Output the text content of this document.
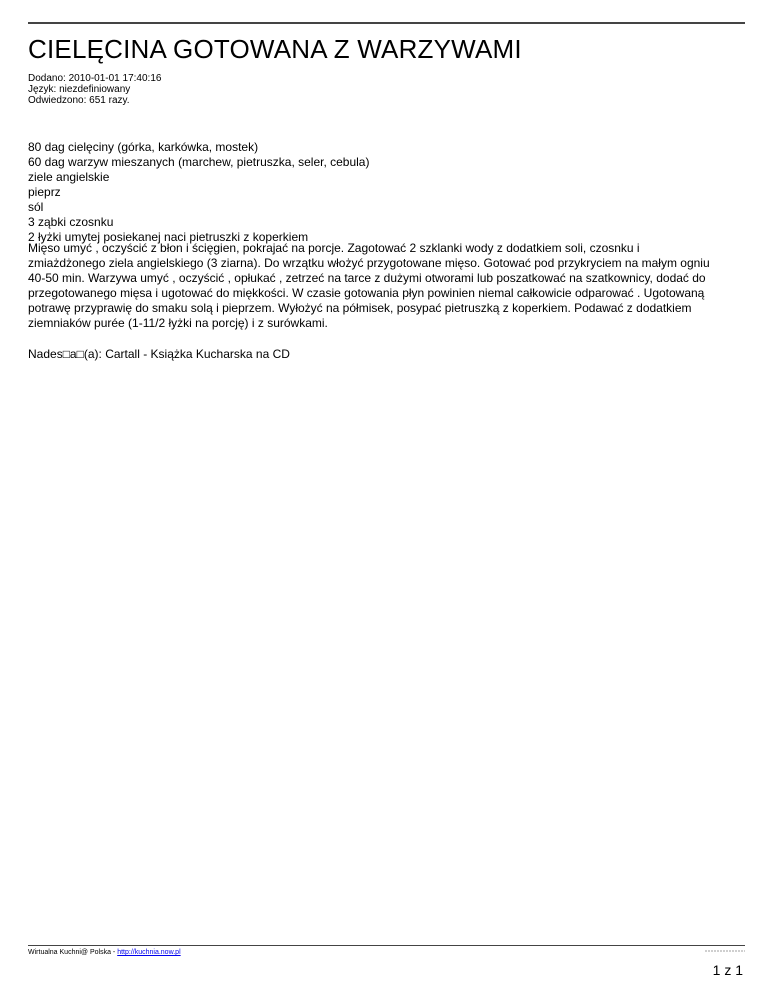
CIELĘCINA GOTOWANA Z WARZYWAMI
Dodano: 2010-01-01 17:40:16
Język: niezdefiniowany
Odwiedzono: 651 razy.
80 dag cielęciny (górka, karkówka, mostek)
60 dag warzyw mieszanych (marchew, pietruszka, seler, cebula)
ziele angielskie
pieprz
sól
3 ząbki czosnku
2 łyżki umytej posiekanej naci pietruszki z koperkiem

Mięso umyć , oczyścić z błon i ścięgien, pokrajać na porcje. Zagotować 2 szklanki wody z dodatkiem soli, czosnku i zmiażdżonego ziela angielskiego (3 ziarna). Do wrzątku włożyć przygotowane mięso. Gotować pod przykryciem na małym ogniu 40-50 min. Warzywa umyć , oczyścić , opłukać , zetrzeć na tarce z dużymi otworami lub poszatkować na szatkownicy, dodać do przegotowanego mięsa i ugotować do miękkości. W czasie gotowania płyn powinien niemal całkowicie odparować . Ugotowaną potrawę przyprawię do smaku solą i pieprzem. Wyłożyć na półmisek, posypać pietruszką z koperkiem. Podawać z dodatkiem ziemniaków purée (1-11/2 łyżki na porcję) i z surówkami.

Nades□a□(a): Cartall - Książka Kucharska na CD
Wirtualna Kuchni@ Polska - http://kuchnia.now.pl
1 z 1
